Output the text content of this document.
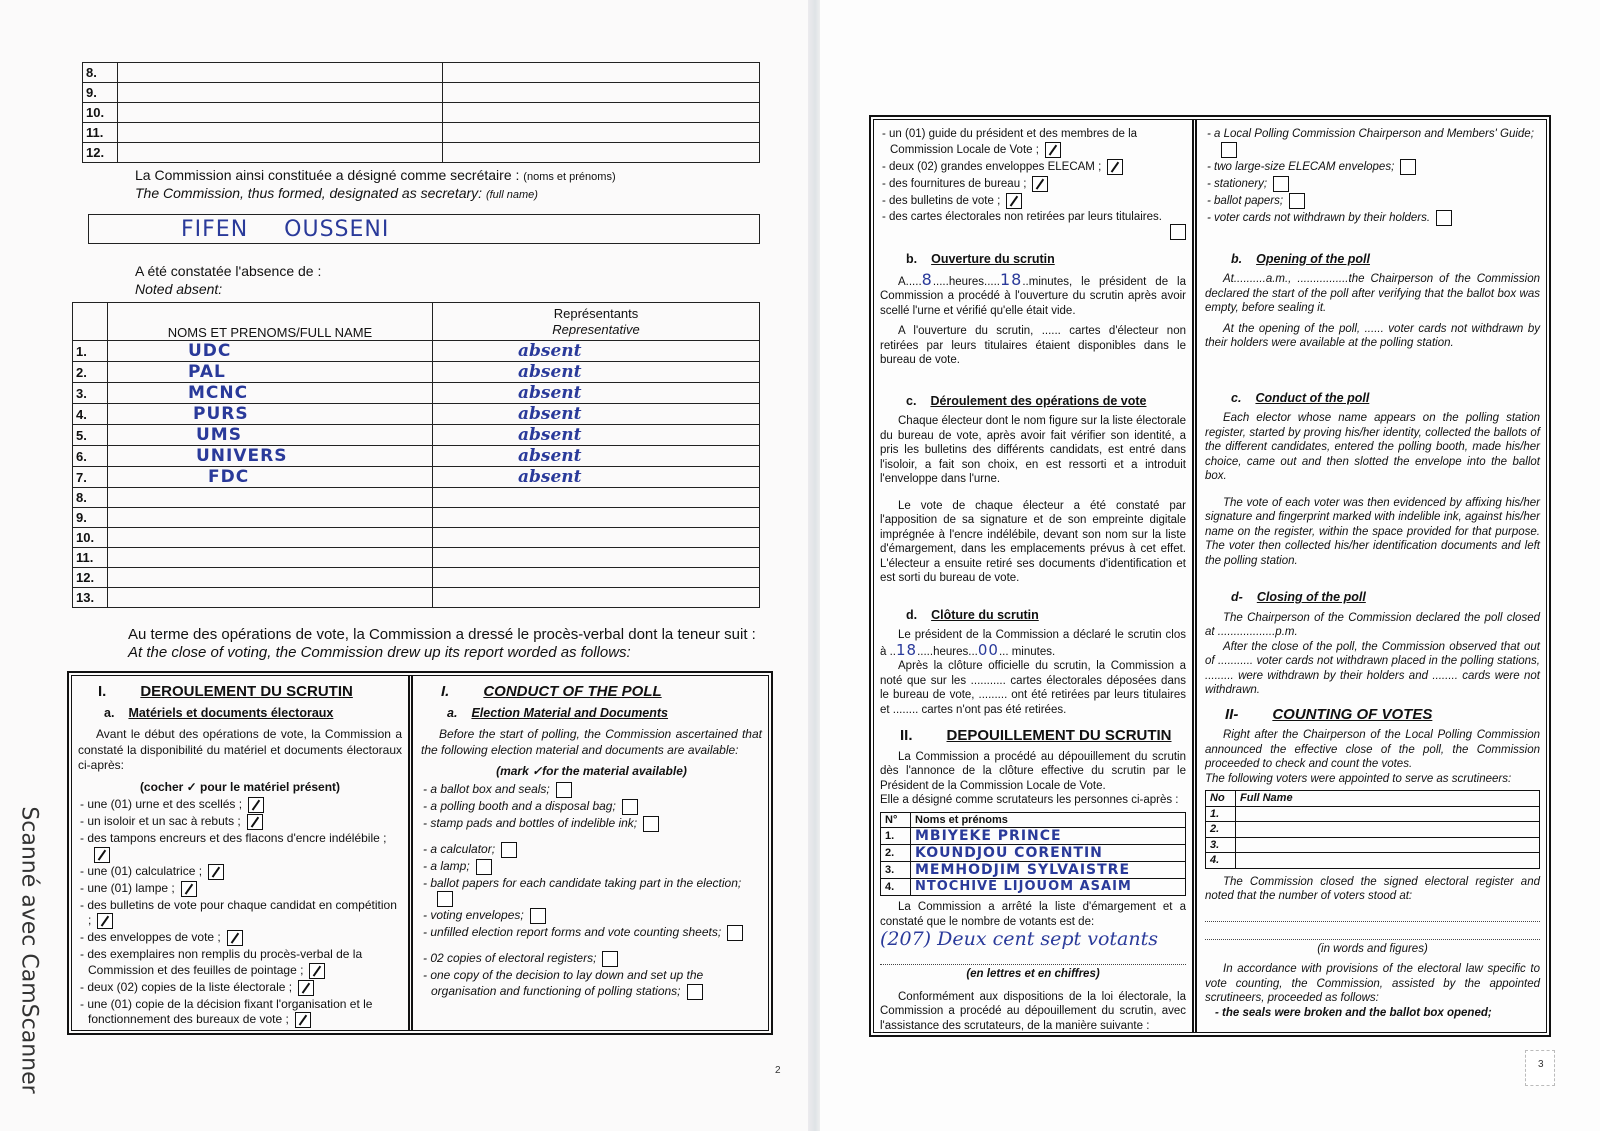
Scanné avec CamScanner
8.		
9.		
10.		
11.		
12.		
La Commission ainsi constituée a désigné comme secrétaire : (noms et prénoms)
The Commission, thus formed, designated as secretary: (full name)
FIFEN OUSSENI
A été constatée l'absence de :
Noted absent:
	NOMS ET PRENOMS/FULL NAME	Représentants
Representative

1.	UDC	absent
2.	PAL	absent
3.	MCNC	absent
4.	PURS	absent
5.	UMS	absent
6.	UNIVERS	absent
7.	FDC	absent
8.		
9.		
10.		
11.		
12.		
13.		
Au terme des opérations de vote, la Commission a dressé le procès-verbal dont la teneur suit :
At the close of voting, the Commission drew up its report worded as follows:
I. DEROULEMENT DU SCRUTIN
a. Matériels et documents électoraux
Avant le début des opérations de vote, la Commission a constaté la disponibilité du matériel et documents électoraux ci-après:
(cocher ✓ pour le matériel présent)
- une (01) urne et des scellés ;
- un isoloir et un sac à rebuts ;
- des tampons encreurs et des flacons d'encre indélébile ;
- une (01) calculatrice ;
- une (01) lampe ;
- des bulletins de vote pour chaque candidat en compétition ;
- des enveloppes de vote ;
- des exemplaires non remplis du procès-verbal de la Commission et des feuilles de pointage ;
- deux (02) copies de la liste électorale ;
- une (01) copie de la décision fixant l'organisation et le fonctionnement des bureaux de vote ;
I. CONDUCT OF THE POLL
a. Election Material and Documents
Before the start of polling, the Commission ascertained that the following election material and documents are available:
(mark ✓for the material available)
- a ballot box and seals;
- a polling booth and a disposal bag;
- stamp pads and bottles of indelible ink;
- a calculator;
- a lamp;
- ballot papers for each candidate taking part in the election;
- voting envelopes;
- unfilled election report forms and vote counting sheets;
- 02 copies of electoral registers;
- one copy of the decision to lay down and set up the organisation and functioning of polling stations;
2
- un (01) guide du président et des membres de la Commission Locale de Vote ;
- deux (02) grandes enveloppes ELECAM ;
- des fournitures de bureau ;
- des bulletins de vote ;
- des cartes électorales non retirées par leurs titulaires.
b. Ouverture du scrutin
A.....8.....heures.....18..minutes, le président de la Commission a procédé à l'ouverture du scrutin après avoir scellé l'urne et vérifié qu'elle était vide.
A l'ouverture du scrutin, ...... cartes d'électeur non retirées par leurs titulaires étaient disponibles dans le bureau de vote.
c. Déroulement des opérations de vote
Chaque électeur dont le nom figure sur la liste électorale du bureau de vote, après avoir fait vérifier son identité, a pris les bulletins des différents candidats, est entré dans l'isoloir, a fait son choix, en est ressorti et a introduit l'enveloppe dans l'urne.
Le vote de chaque électeur a été constaté par l'apposition de sa signature et de son empreinte digitale imprégnée à l'encre indélébile, devant son nom sur la liste d'émargement, dans les emplacements prévus à cet effet. L'électeur a ensuite retiré ses documents d'identification et est sorti du bureau de vote.
d. Clôture du scrutin
Le président de la Commission a déclaré le scrutin clos à ..18.....heures...00... minutes.
Après la clôture officielle du scrutin, la Commission a noté que sur les ........... cartes électorales déposées dans le bureau de vote, ......... ont été retirées par leurs titulaires et ........ cartes n'ont pas été retirées.
II. DEPOUILLEMENT DU SCRUTIN
La Commission a procédé au dépouillement du scrutin dès l'annonce de la clôture effective du scrutin par le Président de la Commission Locale de Vote.
Elle a désigné comme scrutateurs les personnes ci-après :
N°	Noms et prénoms
1.	MBIYEKE PRINCE
2.	KOUNDJOU CORENTIN
3.	MEMHODJIM SYLVAISTRE
4.	NTOCHIVE LIJOUOM ASAIM
La Commission a arrêté la liste d'émargement et a constaté que le nombre de votants est de:
(207) Deux cent sept votants
(en lettres et en chiffres)
Conformément aux dispositions de la loi électorale, la Commission a procédé au dépouillement du scrutin, avec l'assistance des scrutateurs, de la manière suivante :
- a Local Polling Commission Chairperson and Members' Guide;
- two large-size ELECAM envelopes;
- stationery;
- ballot papers;
- voter cards not withdrawn by their holders.
b. Opening of the poll
At..........a.m., ................the Chairperson of the Commission declared the start of the poll after verifying that the ballot box was empty, before sealing it.
At the opening of the poll, ...... voter cards not withdrawn by their holders were available at the polling station.
c. Conduct of the poll
Each elector whose name appears on the polling station register, started by proving his/her identity, collected the ballots of the different candidates, entered the polling booth, made his/her choice, came out and then slotted the envelope into the ballot box.
The vote of each voter was then evidenced by affixing his/her signature and fingerprint marked with indelible ink, against his/her name on the register, within the space provided for that purpose. The voter then collected his/her identification documents and left the polling station.
d- Closing of the poll
The Chairperson of the Commission declared the poll closed at ..................p.m.
After the close of the poll, the Commission observed that out of ........... voter cards not withdrawn placed in the polling stations, ......... were withdrawn by their holders and ........ cards were not withdrawn.
II- COUNTING OF VOTES
Right after the Chairperson of the Local Polling Commission announced the effective close of the poll, the Commission proceeded to check and count the votes.
The following voters were appointed to serve as scrutineers:
No	Full Name
1.	
2.	
3.	
4.	
The Commission closed the signed electoral register and noted that the number of voters stood at:
(in words and figures)
In accordance with provisions of the electoral law specific to vote counting, the Commission, assisted by the appointed scrutineers, proceeded as follows:
- the seals were broken and the ballot box opened;
3
